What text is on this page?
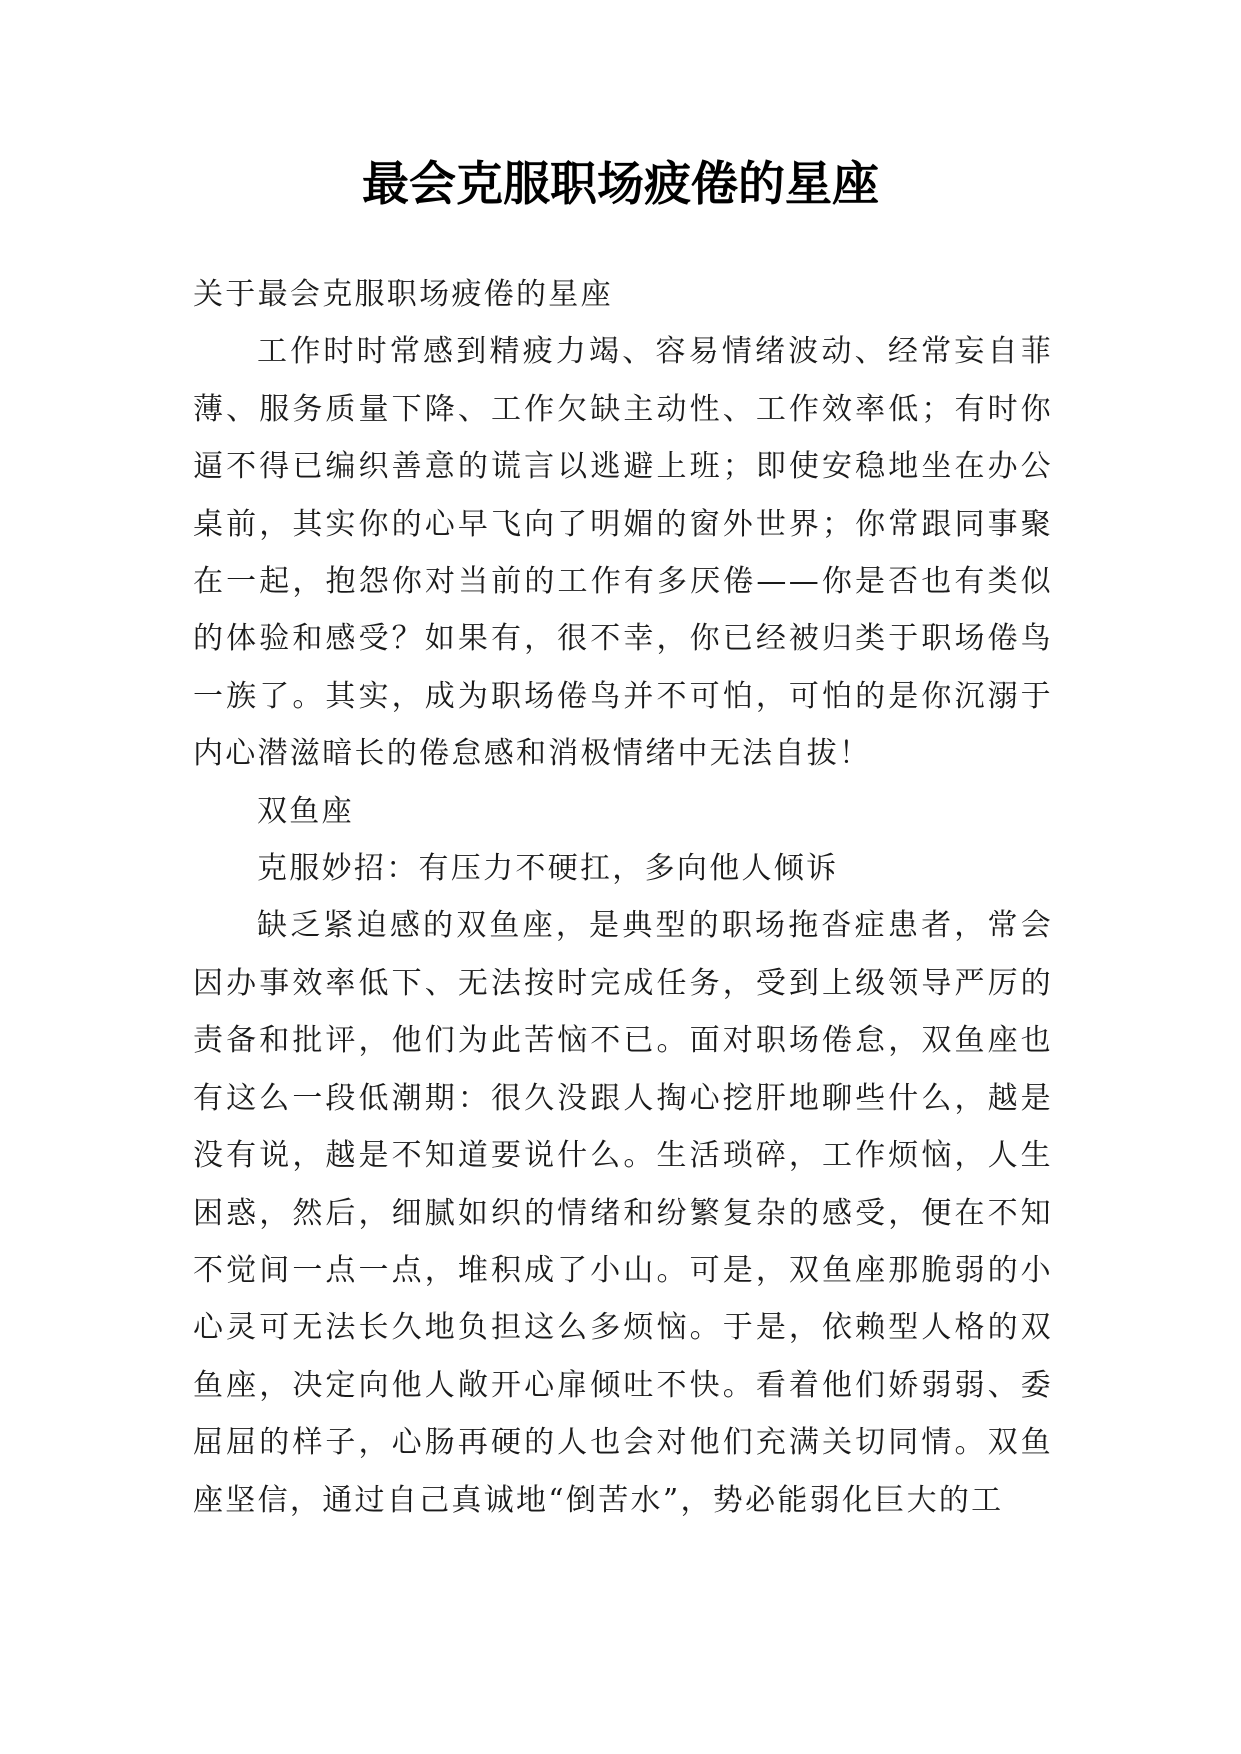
最会克服职场疲倦的星座

关于最会克服职场疲倦的星座

工作时时常感到精疲力竭、容易情绪波动、经常妄自菲薄、服务质量下降、工作欠缺主动性、工作效率低；有时你逼不得已编织善意的谎言以逃避上班；即使安稳地坐在办公桌前，其实你的心早飞向了明媚的窗外世界；你常跟同事聚在一起，抱怨你对当前的工作有多厌倦——你是否也有类似的体验和感受？如果有，很不幸，你已经被归类于职场倦鸟一族了。其实，成为职场倦鸟并不可怕，可怕的是你沉溺于内心潜滋暗长的倦怠感和消极情绪中无法自拔！

双鱼座

克服妙招：有压力不硬扛，多向他人倾诉

缺乏紧迫感的双鱼座，是典型的职场拖沓症患者，常会因办事效率低下、无法按时完成任务，受到上级领导严厉的责备和批评，他们为此苦恼不已。面对职场倦怠，双鱼座也有这么一段低潮期：很久没跟人掏心挖肝地聊些什么，越是没有说，越是不知道要说什么。生活琐碎，工作烦恼，人生困惑，然后，细腻如织的情绪和纷繁复杂的感受，便在不知不觉间一点一点，堆积成了小山。可是，双鱼座那脆弱的小心灵可无法长久地负担这么多烦恼。于是，依赖型人格的双鱼座，决定向他人敞开心扉倾吐不快。看着他们娇弱弱、委屈屈的样子，心肠再硬的人也会对他们充满关切同情。双鱼座坚信，通过自己真诚地“倒苦水”，势必能弱化巨大的工
